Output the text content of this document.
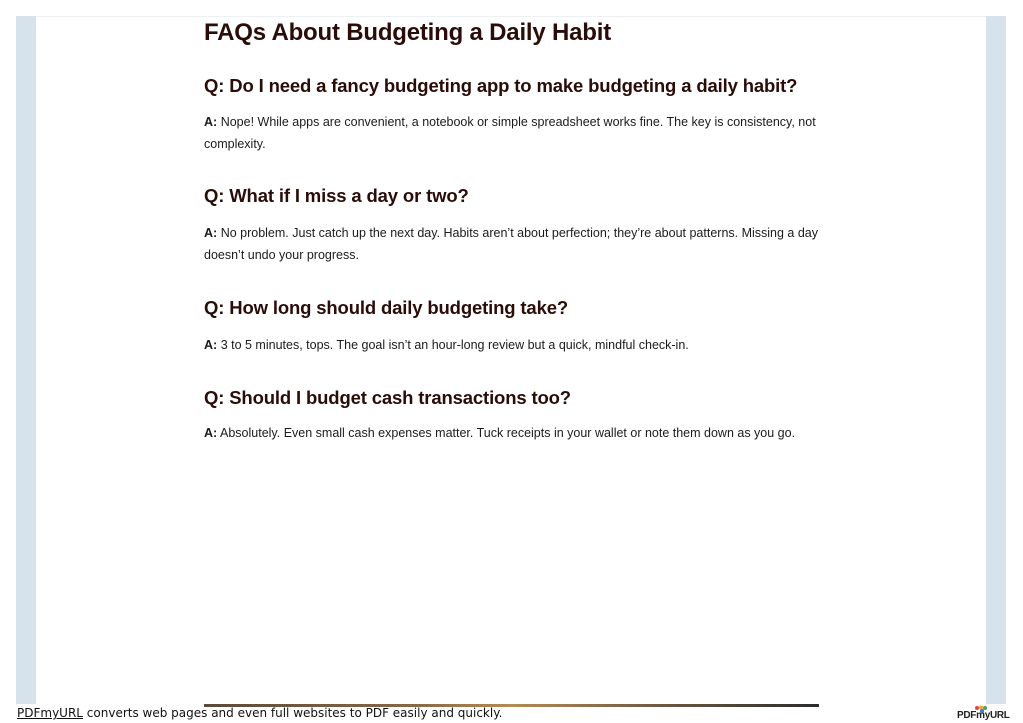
FAQs About Budgeting a Daily Habit
Q: Do I need a fancy budgeting app to make budgeting a daily habit?

A: Nope! While apps are convenient, a notebook or simple spreadsheet works fine. The key is consistency, not complexity.

Q: What if I miss a day or two?

A: No problem. Just catch up the next day. Habits aren’t about perfection; they’re about patterns. Missing a day doesn’t undo your progress.

Q: How long should daily budgeting take?

A: 3 to 5 minutes, tops. The goal isn’t an hour-long review but a quick, mindful check-in.

Q: Should I budget cash transactions too?

A: Absolutely. Even small cash expenses matter. Tuck receipts in your wallet or note them down as you go.

PDFmyURL converts web pages and even full websites to PDF easily and quickly.	PDFmyURL
